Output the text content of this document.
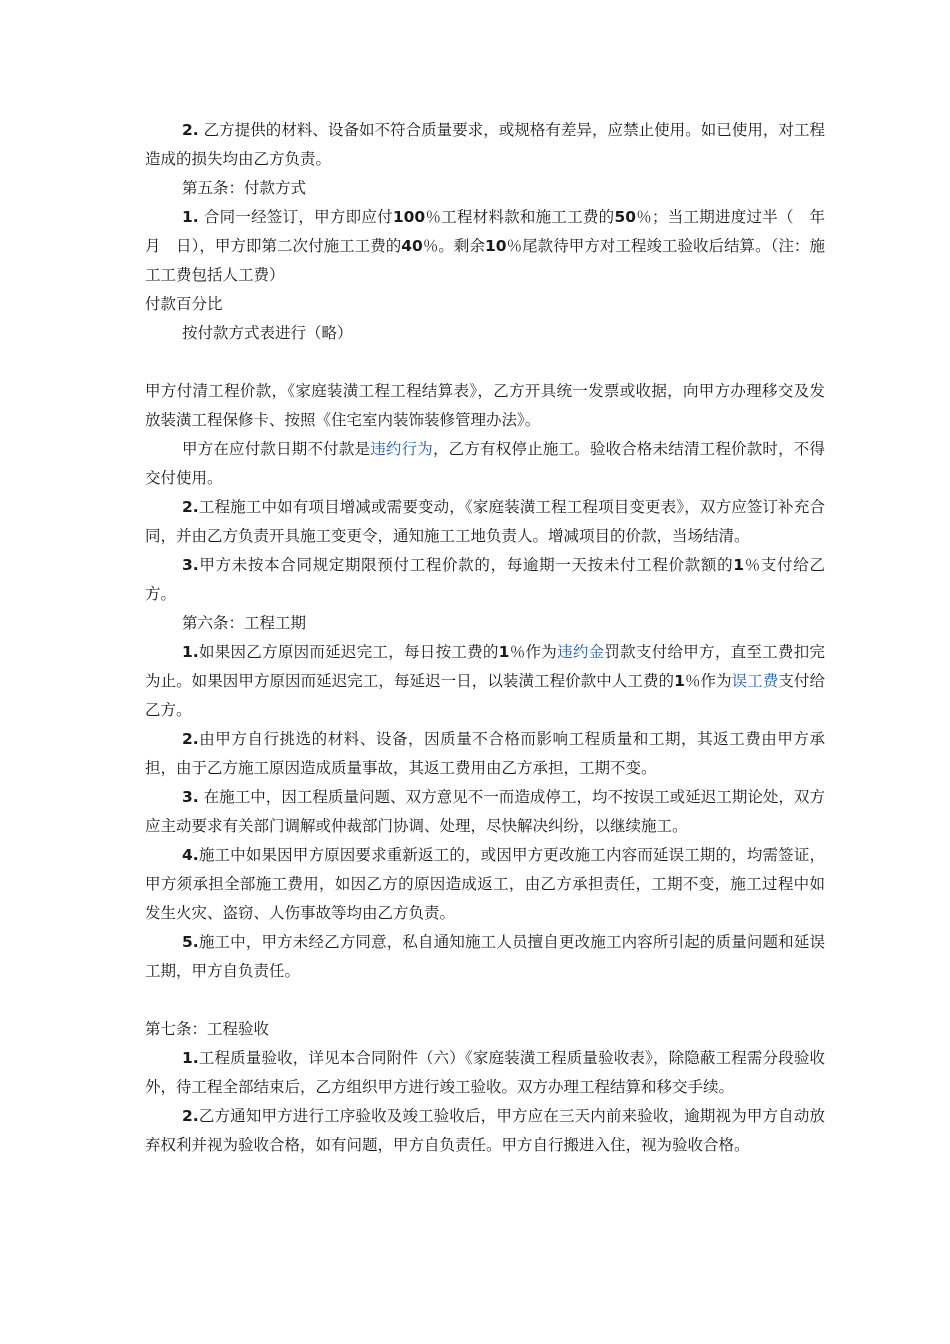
2. 乙方提供的材料、设备如不符合质量要求，或规格有差异，应禁止使用。如已使用，对工程造成的损失均由乙方负责。

第五条：付款方式

1. 合同一经签订，甲方即应付100％工程材料款和施工工费的50％；当工期进度过半（　年　月　日），甲方即第二次付施工工费的40％。剩余10％尾款待甲方对工程竣工验收后结算。（注：施工工费包括人工费）

付款百分比

按付款方式表进行（略）

甲方付清工程价款，《家庭装潢工程工程结算表》，乙方开具统一发票或收据，向甲方办理移交及发放装潢工程保修卡、按照《住宅室内装饰装修管理办法》。

甲方在应付款日期不付款是违约行为，乙方有权停止施工。验收合格未结清工程价款时，不得交付使用。

2.工程施工中如有项目增减或需要变动，《家庭装潢工程工程项目变更表》，双方应签订补充合同，并由乙方负责开具施工变更令，通知施工工地负责人。增减项目的价款，当场结清。

3.甲方未按本合同规定期限预付工程价款的，每逾期一天按未付工程价款额的1％支付给乙方。

第六条：工程工期

1.如果因乙方原因而延迟完工，每日按工费的1％作为违约金罚款支付给甲方，直至工费扣完为止。如果因甲方原因而延迟完工，每延迟一日，以装潢工程价款中人工费的1％作为误工费支付给乙方。

2.由甲方自行挑选的材料、设备，因质量不合格而影响工程质量和工期，其返工费由甲方承担，由于乙方施工原因造成质量事故，其返工费用由乙方承担，工期不变。

3. 在施工中，因工程质量问题、双方意见不一而造成停工，均不按误工或延迟工期论处，双方应主动要求有关部门调解或仲裁部门协调、处理，尽快解决纠纷，以继续施工。

4.施工中如果因甲方原因要求重新返工的，或因甲方更改施工内容而延误工期的，均需签证，甲方须承担全部施工费用，如因乙方的原因造成返工，由乙方承担责任，工期不变，施工过程中如发生火灾、盗窃、人伤事故等均由乙方负责。

5.施工中，甲方未经乙方同意，私自通知施工人员擅自更改施工内容所引起的质量问题和延误工期，甲方自负责任。

第七条：工程验收

1.工程质量验收，详见本合同附件（六）《家庭装潢工程质量验收表》，除隐蔽工程需分段验收外，待工程全部结束后，乙方组织甲方进行竣工验收。双方办理工程结算和移交手续。

2.乙方通知甲方进行工序验收及竣工验收后，甲方应在三天内前来验收，逾期视为甲方自动放弃权利并视为验收合格，如有问题，甲方自负责任。甲方自行搬进入住，视为验收合格。
